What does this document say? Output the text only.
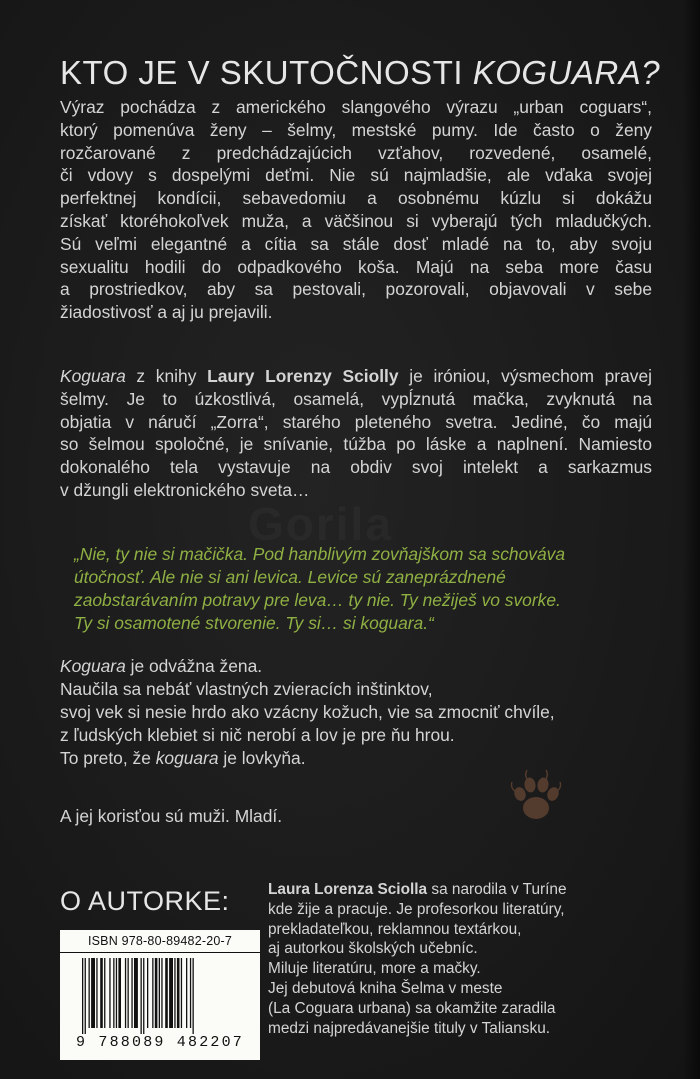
KTO JE V SKUTOČNOSTI KOGUARA?

Výraz pochádza z amerického slangového výrazu „urban coguars“,
ktorý pomenúva ženy – šelmy, mestské pumy. Ide často o ženy
rozčarované z predchádzajúcich vzťahov, rozvedené, osamelé,
či vdovy s dospelými deťmi. Nie sú najmladšie, ale vďaka svojej
perfektnej kondícii, sebavedomiu a osobnému kúzlu si dokážu
získať ktoréhokoľvek muža, a väčšinou si vyberajú tých mladučkých.
Sú veľmi elegantné a cítia sa stále dosť mladé na to, aby svoju
sexualitu hodili do odpadkového koša. Majú na seba more času
a prostriedkov, aby sa pestovali, pozorovali, objavovali v sebe
žiadostivosť a aj ju prejavili.

Koguara z knihy Laury Lorenzy Sciolly je iróniou, výsmechom pravej
šelmy. Je to úzkostlivá, osamelá, vypĺznutá mačka, zvyknutá na
objatia v náručí „Zorra“, starého pleteného svetra. Jediné, čo majú
so šelmou spoločné, je snívanie, túžba po láske a naplnení. Namiesto
dokonalého tela vystavuje na obdiv svoj intelekt a sarkazmus
v džungli elektronického sveta…

„Nie, ty nie si mačička. Pod hanblivým zovňajškom sa schováva
útočnosť. Ale nie si ani levica. Levice sú zaneprázdnené
zaobstarávaním potravy pre leva… ty nie. Ty nežiješ vo svorke.
Ty si osamotené stvorenie. Ty si… si koguara.“

Koguara je odvážna žena.
Naučila sa nebáť vlastných zvieracích inštinktov,
svoj vek si nesie hrdo ako vzácny kožuch, vie sa zmocniť chvíle,
z ľudských klebiet si nič nerobí a lov je pre ňu hrou.
To preto, že koguara je lovkyňa.

A jej korisťou sú muži. Mladí.
O AUTORKE: Laura Lorenza Sciolla sa narodila v Turíne
kde žije a pracuje. Je profesorkou literatúry,
prekladateľkou, reklamnou textárkou,
aj autorkou školských učebníc.
Miluje literatúru, more a mačky.
Jej debutová kniha Šelma v meste
(La Coguara urbana) sa okamžite zaradila
medzi najpredávanejšie tituly v Taliansku.

ISBN 978-80-89482-20-7
9 788089 482207
